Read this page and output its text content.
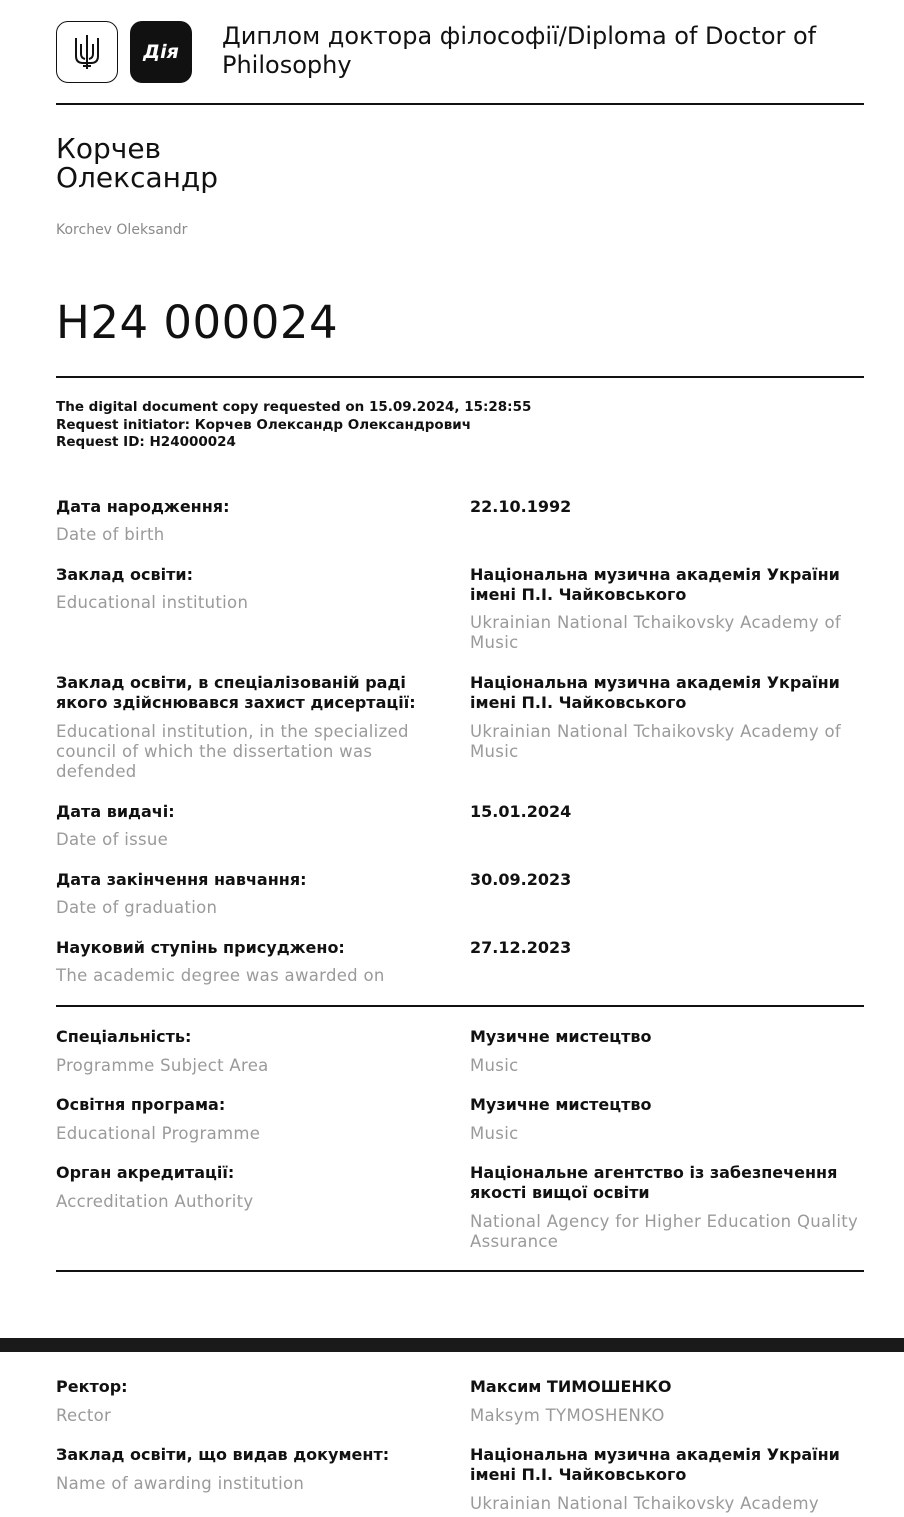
Дія
Диплом доктора філософії/Diploma of Doctor of Philosophy
Корчев
Олександр
Korchev Oleksandr
Н24 000024
The digital document copy requested on 15.09.2024, 15:28:55
Request initiator: Корчев Олександр Олександрович
Request ID: H24000024
Дата народження:
Date of birth
22.10.1992
Заклад освіти:
Educational institution
Національна музична академія України імені П.І. Чайковського
Ukrainian National Tchaikovsky Academy of Music
Заклад освіти, в спеціалізованій раді якого здійснювався захист дисертації:
Educational institution, in the specialized council of which the dissertation was defended
Національна музична академія України імені П.І. Чайковського
Ukrainian National Tchaikovsky Academy of Music
Дата видачі:
Date of issue
15.01.2024
Дата закінчення навчання:
Date of graduation
30.09.2023
Науковий ступінь присуджено:
The academic degree was awarded on
27.12.2023
Спеціальність:
Programme Subject Area
Музичне мистецтво
Music
Освітня програма:
Educational Programme
Музичне мистецтво
Music
Орган акредитації:
Accreditation Authority
Національне агентство із забезпечення якості вищої освіти
National Agency for Higher Education Quality Assurance
Ректор:
Rector
Максим ТИМОШЕНКО
Maksym TYMOSHENKO
Заклад освіти, що видав документ:
Name of awarding institution
Національна музична академія України імені П.І. Чайковського
Ukrainian National Tchaikovsky Academy
